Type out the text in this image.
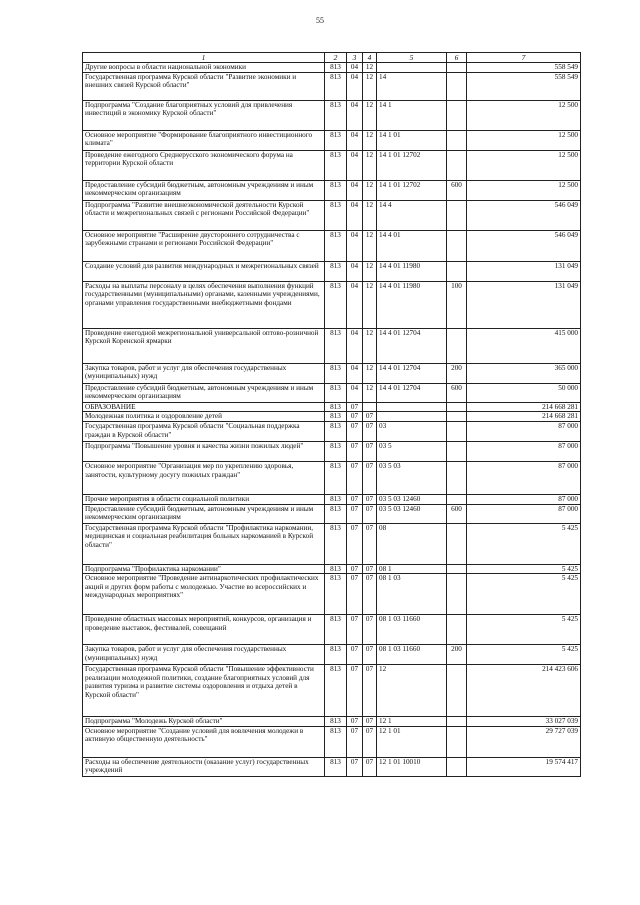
55
1	2	3	4	5	6	7
Другие вопросы в области национальной экономики	813	04	12			558 549
Государственная программа Курской области "Развитие экономики и внешних связей Курской области"	813	04	12	14		558 549
Подпрограмма "Создание благоприятных условий для привлечения инвестиций в экономику Курской области"	813	04	12	14 1		12 500
Основное мероприятие "Формирование благоприятного инвестиционного климата"	813	04	12	14 1 01		12 500
Проведение ежегодного Среднерусского экономического форума на территории Курской области	813	04	12	14 1 01 12702		12 500
Предоставление субсидий бюджетным, автономным учреждениям и иным некоммерческим организациям	813	04	12	14 1 01 12702	600	12 500
Подпрограмма "Развитие внешнеэкономической деятельности Курской области и межрегиональных связей с регионами Российской Федерации"	813	04	12	14 4		546 049
Основное мероприятие "Расширение двустороннего сотрудничества с зарубежными странами и регионами Российской Федерации"	813	04	12	14 4 01		546 049
Создание условий для развития международных и межрегиональных связей	813	04	12	14 4 01 11980		131 049
Расходы на выплаты персоналу в целях обеспечения выполнения функций государственными (муниципальными) органами, казенными учреждениями, органами управления государственными внебюджетными фондами	813	04	12	14 4 01 11980	100	131 049
Проведение ежегодной межрегиональной универсальной оптово-розничной Курской Коренской ярмарки	813	04	12	14 4 01 12704		415 000
Закупка товаров, работ и услуг для обеспечения государственных (муниципальных) нужд	813	04	12	14 4 01 12704	200	365 000
Предоставление субсидий бюджетным, автономным учреждениям и иным некоммерческим организациям	813	04	12	14 4 01 12704	600	50 000
ОБРАЗОВАНИЕ	813	07				214 668 281
Молодежная политика и оздоровление детей	813	07	07			214 668 281
Государственная программа Курской области "Социальная поддержка граждан в Курской области"	813	07	07	03		87 000
Подпрограмма "Повышение уровня и качества жизни пожилых людей"	813	07	07	03 5		87 000
Основное мероприятие "Организация мер по укреплению здоровья, занятости, культурному досугу пожилых граждан"	813	07	07	03 5 03		87 000
Прочие мероприятия в области социальной политики	813	07	07	03 5 03 12460		87 000
Предоставление субсидий бюджетным, автономным учреждениям и иным некоммерческим организациям	813	07	07	03 5 03 12460	600	87 000
Государственная программа Курской области "Профилактика наркомании, медицинская и социальная реабилитация больных наркоманией в Курской области"	813	07	07	08		5 425
Подпрограмма "Профилактика наркомании"	813	07	07	08 1		5 425
Основное мероприятие "Проведение антинаркотических профилактических акций и других форм работы с молодежью. Участие во всероссийских и международных мероприятиях"	813	07	07	08 1 03		5 425
Проведение областных массовых мероприятий, конкурсов, организация и проведение выставок, фестивалей, совещаний	813	07	07	08 1 03 11660		5 425
Закупка товаров, работ и услуг для обеспечения государственных (муниципальных) нужд	813	07	07	08 1 03 11660	200	5 425
Государственная программа Курской области "Повышение эффективности реализации молодежной политики, создание благоприятных условий для развития туризма и развитие системы оздоровления и отдыха детей в Курской области"	813	07	07	12		214 423 606
Подпрограмма "Молодежь Курской области"	813	07	07	12 1		33 027 039
Основное мероприятие "Создание условий для вовлечения молодежи в активную общественную деятельность"	813	07	07	12 1 01		29 727 039
Расходы на обеспечение деятельности (оказание услуг) государственных учреждений	813	07	07	12 1 01 10010		19 574 417
